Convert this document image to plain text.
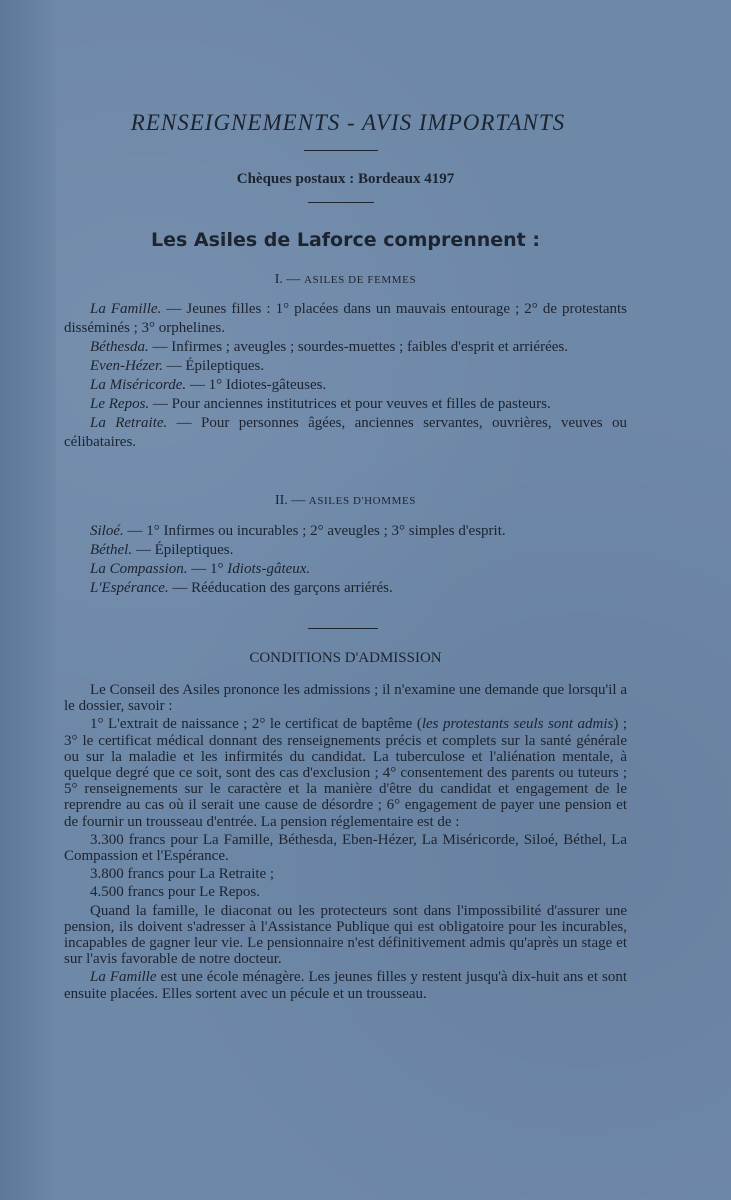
RENSEIGNEMENTS - AVIS IMPORTANTS
Chèques postaux : Bordeaux 4197
Les Asiles de Laforce comprennent :
I. — ASILES DE FEMMES

La Famille. — Jeunes filles : 1° placées dans un mauvais entourage ; 2° de protestants disséminés ; 3° orphelines.

Béthesda. — Infirmes ; aveugles ; sourdes-muettes ; faibles d'esprit et arriérées.

Even-Hézer. — Épileptiques.

La Miséricorde. — 1° Idiotes-gâteuses.

Le Repos. — Pour anciennes institutrices et pour veuves et filles de pasteurs.

La Retraite. — Pour personnes âgées, anciennes servantes, ouvrières, veuves ou célibataires.

II. — ASILES D'HOMMES

Siloé. — 1° Infirmes ou incurables ; 2° aveugles ; 3° simples d'esprit.

Béthel. — Épileptiques.

La Compassion. — 1° Idiots-gâteux.

L'Espérance. — Rééducation des garçons arriérés.

CONDITIONS D'ADMISSION

Le Conseil des Asiles prononce les admissions ; il n'examine une demande que lorsqu'il a le dossier, savoir :

1° L'extrait de naissance ; 2° le certificat de baptême (les protestants seuls sont admis) ; 3° le certificat médical donnant des renseignements précis et complets sur la santé générale ou sur la maladie et les infirmités du candidat. La tuberculose et l'aliénation mentale, à quelque degré que ce soit, sont des cas d'exclusion ; 4° consentement des parents ou tuteurs ; 5° renseignements sur le caractère et la manière d'être du candidat et engagement de le reprendre au cas où il serait une cause de désordre ; 6° engagement de payer une pension et de fournir un trousseau d'entrée. La pension réglementaire est de :

3.300 francs pour La Famille, Béthesda, Eben-Hézer, La Miséricorde, Siloé, Béthel, La Compassion et l'Espérance.

3.800 francs pour La Retraite ;

4.500 francs pour Le Repos.

Quand la famille, le diaconat ou les protecteurs sont dans l'impossibilité d'assurer une pension, ils doivent s'adresser à l'Assistance Publique qui est obligatoire pour les incurables, incapables de gagner leur vie. Le pensionnaire n'est définitivement admis qu'après un stage et sur l'avis favorable de notre docteur.

La Famille est une école ménagère. Les jeunes filles y restent jusqu'à dix-huit ans et sont ensuite placées. Elles sortent avec un pécule et un trousseau.
